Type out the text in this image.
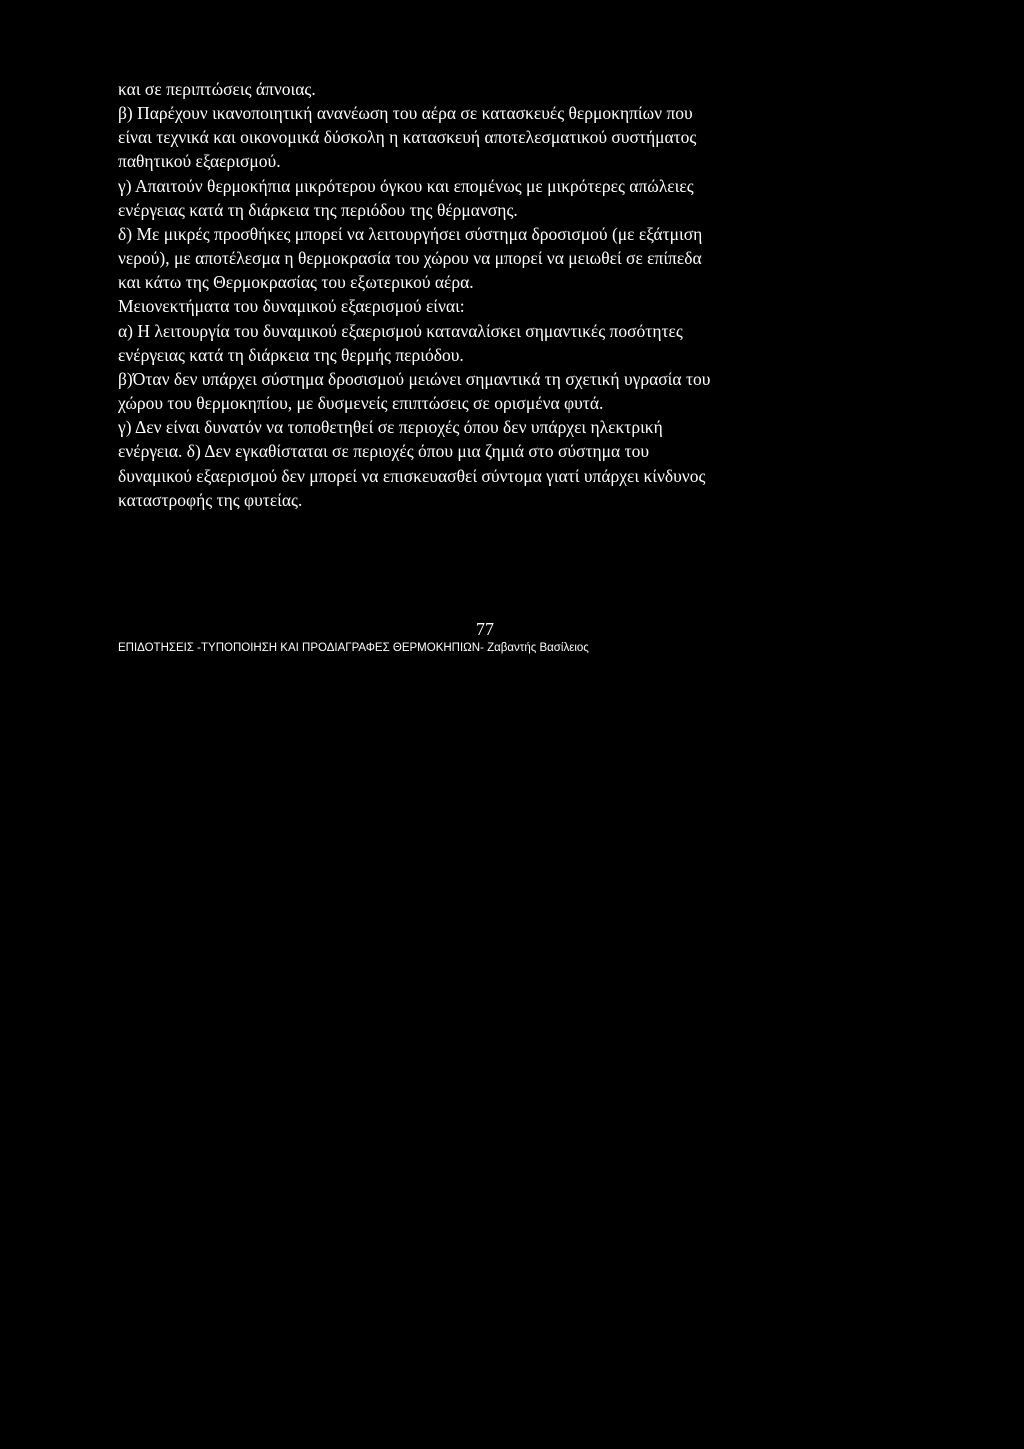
και σε περιπτώσεις άπνοιας.
β) Παρέχουν ικανοποιητική ανανέωση του αέρα σε κατασκευές θερμοκηπίων που
είναι τεχνικά και οικονομικά δύσκολη η κατασκευή αποτελεσματικού συστήματος
παθητικού εξαερισμού.
γ) Απαιτούν θερμοκήπια μικρότερου όγκου και επομένως με μικρότερες απώλειες
ενέργειας κατά τη διάρκεια της περιόδου της θέρμανσης.
δ) Με μικρές προσθήκες μπορεί να λειτουργήσει σύστημα δροσισμού (με εξάτμιση
νερού), με αποτέλεσμα η θερμοκρασία του χώρου να μπορεί να μειωθεί σε επίπεδα
και κάτω της Θερμοκρασίας του εξωτερικού αέρα.
Μειονεκτήματα του δυναμικού εξαερισμού είναι:
α) Η λειτουργία του δυναμικού εξαερισμού καταναλίσκει σημαντικές ποσότητες
ενέργειας κατά τη διάρκεια της θερμής περιόδου.
β)Όταν δεν υπάρχει σύστημα δροσισμού μειώνει σημαντικά τη σχετική υγρασία του
χώρου του θερμοκηπίου, με δυσμενείς επιπτώσεις σε ορισμένα φυτά.
γ) Δεν είναι δυνατόν να τοποθετηθεί σε περιοχές όπου δεν υπάρχει ηλεκτρική
ενέργεια. δ) Δεν εγκαθίσταται σε περιοχές όπου μια ζημιά στο σύστημα του
δυναμικού εξαερισμού δεν μπορεί να επισκευασθεί σύντομα γιατί υπάρχει κίνδυνος
καταστροφής της φυτείας.

77
ΕΠΙΔΟΤΗΣΕΙΣ -ΤΥΠΟΠΟΙΗΣΗ ΚΑΙ ΠΡΟΔΙΑΓΡΑΦΕΣ ΘΕΡΜΟΚΗΠΙΩΝ- Ζαβαντής Βασίλειος
